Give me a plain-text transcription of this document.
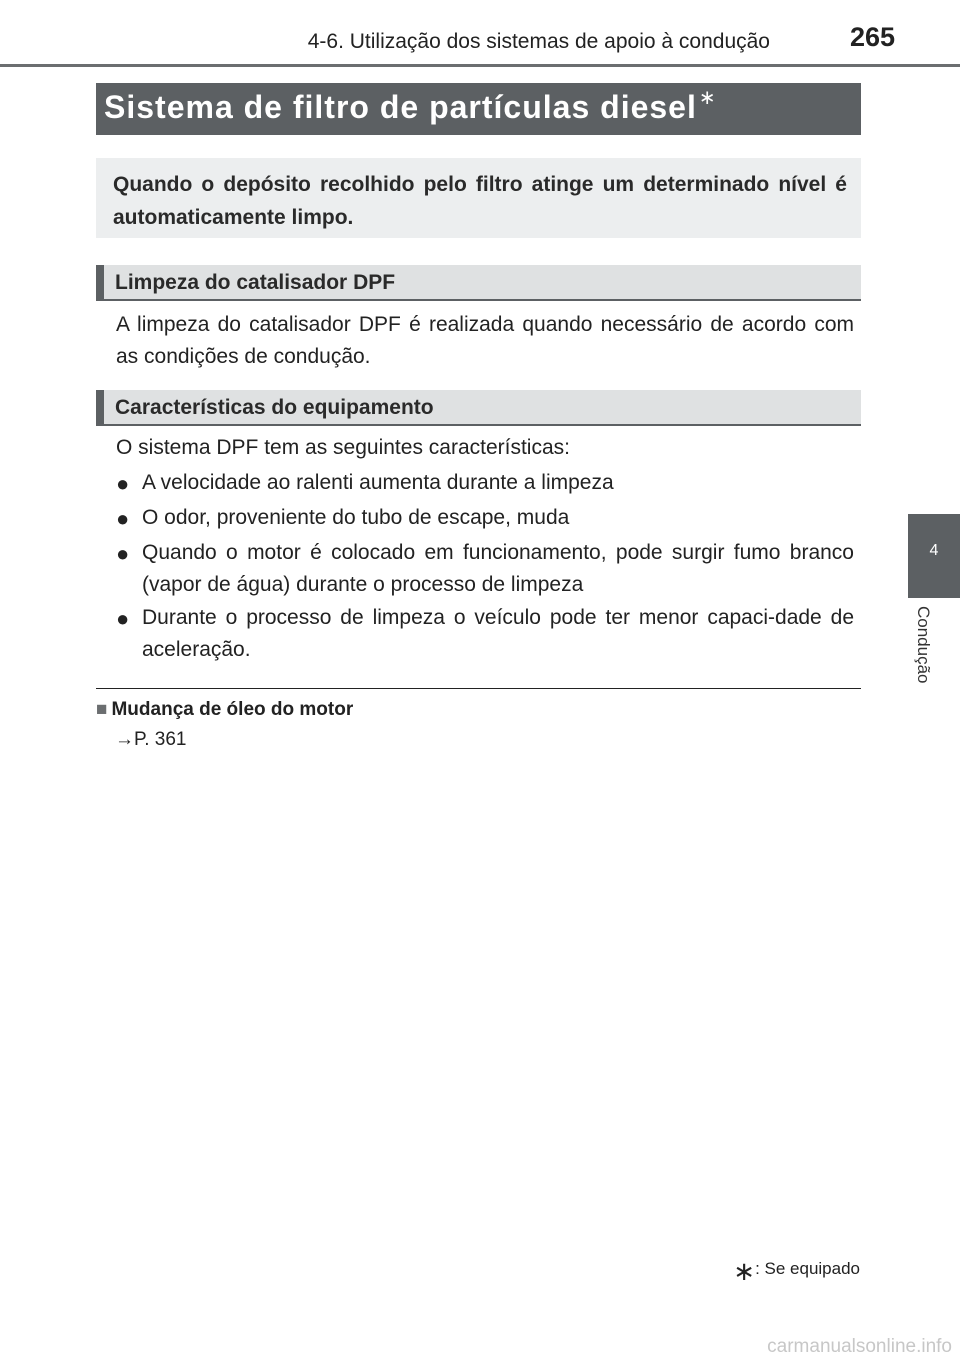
4-6. Utilização dos sistemas de apoio à condução	265
Sistema de filtro de partículas diesel ∗
Quando o depósito recolhido pelo filtro atinge um determinado nível é automaticamente limpo.
Limpeza do catalisador DPF
A limpeza do catalisador DPF é realizada quando necessário de acordo com as condições de condução.
Características do equipamento
O sistema DPF tem as seguintes características:
● A velocidade ao ralenti aumenta durante a limpeza
● O odor, proveniente do tubo de escape, muda
● Quando o motor é colocado em funcionamento, pode surgir fumo branco (vapor de água) durante o processo de limpeza
● Durante o processo de limpeza o veículo pode ter menor capaci-dade de aceleração.
■ Mudança de óleo do motor
→P. 361
4
Condução
∗: Se equipado
carmanualsonline.info
